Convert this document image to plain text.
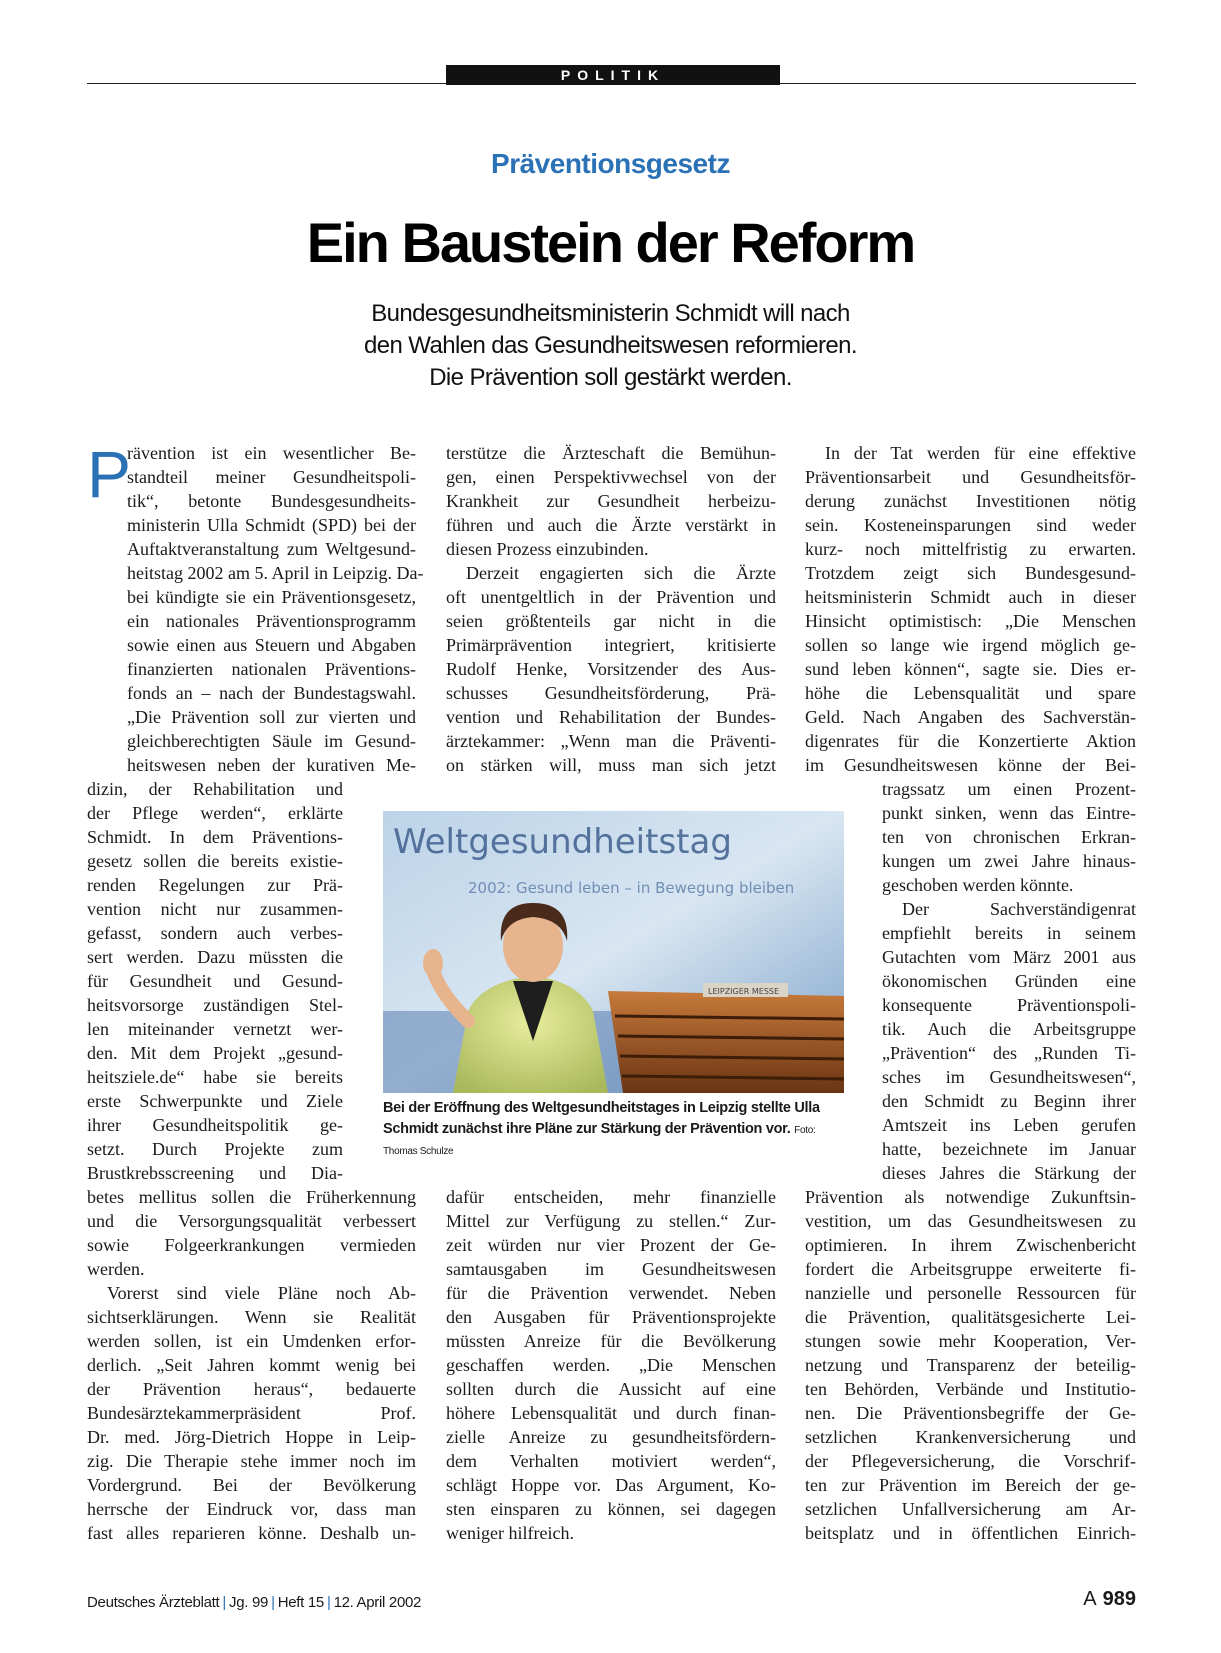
POLITIK
Präventionsgesetz
Ein Baustein der Reform
Bundesgesundheitsministerin Schmidt will nach
den Wahlen das Gesundheitswesen reformieren.
Die Prävention soll gestärkt werden.
P
rävention ist ein wesentlicher Be-
standteil meiner Gesundheitspoli-
tik“, betonte Bundesgesundheits-
ministerin Ulla Schmidt (SPD) bei der
Auftaktveranstaltung zum Weltgesund-
heitstag 2002 am 5. April in Leipzig. Da-
bei kündigte sie ein Präventionsgesetz,
ein nationales Präventionsprogramm
sowie einen aus Steuern und Abgaben
finanzierten nationalen Präventions-
fonds an – nach der Bundestagswahl.
„Die Prävention soll zur vierten und
gleichberechtigten Säule im Gesund-
heitswesen neben der kurativen Me-
dizin, der Rehabilitation und
der Pflege werden“, erklärte
Schmidt. In dem Präventions-
gesetz sollen die bereits existie-
renden Regelungen zur Prä-
vention nicht nur zusammen-
gefasst, sondern auch verbes-
sert werden. Dazu müssten die
für Gesundheit und Gesund-
heitsvorsorge zuständigen Stel-
len miteinander vernetzt wer-
den. Mit dem Projekt „gesund-
heitsziele.de“ habe sie bereits
erste Schwerpunkte und Ziele
ihrer Gesundheitspolitik ge-
setzt. Durch Projekte zum
Brustkrebsscreening und Dia-
betes mellitus sollen die Früherkennung
und die Versorgungsqualität verbessert
sowie Folgeerkrankungen vermieden
werden.
Vorerst sind viele Pläne noch Ab-
sichtserklärungen. Wenn sie Realität
werden sollen, ist ein Umdenken erfor-
derlich. „Seit Jahren kommt wenig bei
der Prävention heraus“, bedauerte
Bundesärztekammerpräsident Prof.
Dr. med. Jörg-Dietrich Hoppe in Leip-
zig. Die Therapie stehe immer noch im
Vordergrund. Bei der Bevölkerung
herrsche der Eindruck vor, dass man
fast alles reparieren könne. Deshalb un-
terstütze die Ärzteschaft die Bemühun-
gen, einen Perspektivwechsel von der
Krankheit zur Gesundheit herbeizu-
führen und auch die Ärzte verstärkt in
diesen Prozess einzubinden.
Derzeit engagierten sich die Ärzte
oft unentgeltlich in der Prävention und
seien größtenteils gar nicht in die
Primärprävention integriert, kritisierte
Rudolf Henke, Vorsitzender des Aus-
schusses Gesundheitsförderung, Prä-
vention und Rehabilitation der Bundes-
ärztekammer: „Wenn man die Präventi-
on stärken will, muss man sich jetzt
dafür entscheiden, mehr finanzielle
Mittel zur Verfügung zu stellen.“ Zur-
zeit würden nur vier Prozent der Ge-
samtausgaben im Gesundheitswesen
für die Prävention verwendet. Neben
den Ausgaben für Präventionsprojekte
müssten Anreize für die Bevölkerung
geschaffen werden. „Die Menschen
sollten durch die Aussicht auf eine
höhere Lebensqualität und durch finan-
zielle Anreize zu gesundheitsfördern-
dem Verhalten motiviert werden“,
schlägt Hoppe vor. Das Argument, Ko-
sten einsparen zu können, sei dagegen
weniger hilfreich.
In der Tat werden für eine effektive
Präventionsarbeit und Gesundheitsför-
derung zunächst Investitionen nötig
sein. Kosteneinsparungen sind weder
kurz- noch mittelfristig zu erwarten.
Trotzdem zeigt sich Bundesgesund-
heitsministerin Schmidt auch in dieser
Hinsicht optimistisch: „Die Menschen
sollen so lange wie irgend möglich ge-
sund leben können“, sagte sie. Dies er-
höhe die Lebensqualität und spare
Geld. Nach Angaben des Sachverstän-
digenrates für die Konzertierte Aktion
im Gesundheitswesen könne der Bei-
tragssatz um einen Prozent-
punkt sinken, wenn das Eintre-
ten von chronischen Erkran-
kungen um zwei Jahre hinaus-
geschoben werden könnte.
Der Sachverständigenrat
empfiehlt bereits in seinem
Gutachten vom März 2001 aus
ökonomischen Gründen eine
konsequente Präventionspoli-
tik. Auch die Arbeitsgruppe
„Prävention“ des „Runden Ti-
sches im Gesundheitswesen“,
den Schmidt zu Beginn ihrer
Amtszeit ins Leben gerufen
hatte, bezeichnete im Januar
dieses Jahres die Stärkung der
Prävention als notwendige Zukunftsin-
vestition, um das Gesundheitswesen zu
optimieren. In ihrem Zwischenbericht
fordert die Arbeitsgruppe erweiterte fi-
nanzielle und personelle Ressourcen für
die Prävention, qualitätsgesicherte Lei-
stungen sowie mehr Kooperation, Ver-
netzung und Transparenz der beteilig-
ten Behörden, Verbände und Institutio-
nen. Die Präventionsbegriffe der Ge-
setzlichen Krankenversicherung und
der Pflegeversicherung, die Vorschrif-
ten zur Prävention im Bereich der ge-
setzlichen Unfallversicherung am Ar-
beitsplatz und in öffentlichen Einrich-
Weltgesundheitstag
2002: Gesund leben – in Bewegung bleiben
LEIPZIGER MESSE
Bei der Eröffnung des Weltgesundheitstages in Leipzig stellte Ulla
Schmidt zunächst ihre Pläne zur Stärkung der Prävention vor. Foto:
Thomas Schulze
Deutsches Ärzteblatt | Jg. 99 | Heft 15 | 12. April 2002	A 989
